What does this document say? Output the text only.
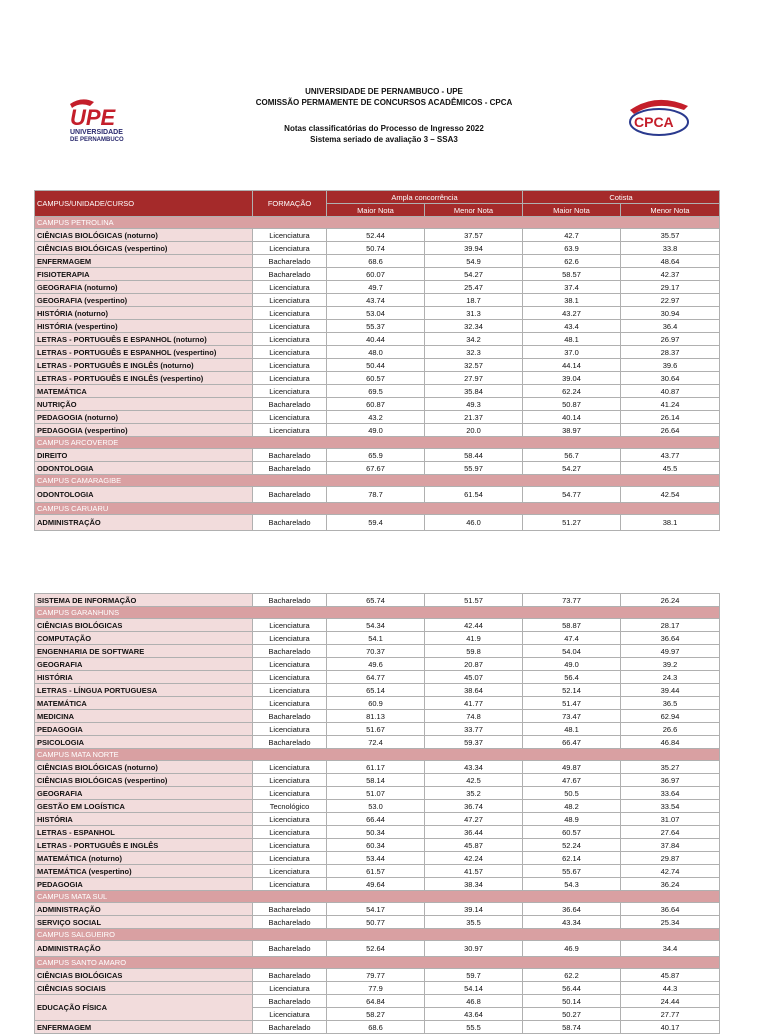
UNIVERSIDADE DE PERNAMBUCO - UPE
COMISSÃO PERMAMENTE DE CONCURSOS ACADÊMICOS - CPCA
Notas classificatórias do Processo de Ingresso 2022
Sistema seriado de avaliação 3 – SSA3
UPE
UNIVERSIDADE
DE PERNAMBUCO
CPCA
CAMPUS/UNIDADE/CURSO	FORMAÇÃO	Ampla concorrência		Cotista	
		Maior Nota	Menor Nota	Maior Nota	Menor Nota
CAMPUS PETROLINA					
CIÊNCIAS BIOLÓGICAS (noturno)	Licenciatura	52.44	37.57	42.7	35.57
CIÊNCIAS BIOLÓGICAS (vespertino)	Licenciatura	50.74	39.94	63.9	33.8
ENFERMAGEM	Bacharelado	68.6	54.9	62.6	48.64
FISIOTERAPIA	Bacharelado	60.07	54.27	58.57	42.37
GEOGRAFIA (noturno)	Licenciatura	49.7	25.47	37.4	29.17
GEOGRAFIA (vespertino)	Licenciatura	43.74	18.7	38.1	22.97
HISTÓRIA (noturno)	Licenciatura	53.04	31.3	43.27	30.94
HISTÓRIA (vespertino)	Licenciatura	55.37	32.34	43.4	36.4
LETRAS - PORTUGUÊS E ESPANHOL (noturno)	Licenciatura	40.44	34.2	48.1	26.97
LETRAS - PORTUGUÊS E ESPANHOL (vespertino)	Licenciatura	48.0	32.3	37.0	28.37
LETRAS - PORTUGUÊS E INGLÊS (noturno)	Licenciatura	50.44	32.57	44.14	39.6
LETRAS - PORTUGUÊS E INGLÊS (vespertino)	Licenciatura	60.57	27.97	39.04	30.64
MATEMÁTICA	Licenciatura	69.5	35.84	62.24	40.87
NUTRIÇÃO	Bacharelado	60.87	49.3	50.87	41.24
PEDAGOGIA (noturno)	Licenciatura	43.2	21.37	40.14	26.14
PEDAGOGIA (vespertino)	Licenciatura	49.0	20.0	38.97	26.64
CAMPUS ARCOVERDE					
DIREITO	Bacharelado	65.9	58.44	56.7	43.77
ODONTOLOGIA	Bacharelado	67.67	55.97	54.27	45.5
CAMPUS CAMARAGIBE					
ODONTOLOGIA	Bacharelado	78.7	61.54	54.77	42.54
CAMPUS CARUARU					
ADMINISTRAÇÃO	Bacharelado	59.4	46.0	51.27	38.1
SISTEMA DE INFORMAÇÃO	Bacharelado	65.74	51.57	73.77	26.24
CAMPUS GARANHUNS					
CIÊNCIAS BIOLÓGICAS	Licenciatura	54.34	42.44	58.87	28.17
COMPUTAÇÃO	Licenciatura	54.1	41.9	47.4	36.64
ENGENHARIA DE SOFTWARE	Bacharelado	70.37	59.8	54.04	49.97
GEOGRAFIA	Licenciatura	49.6	20.87	49.0	39.2
HISTÓRIA	Licenciatura	64.77	45.07	56.4	24.3
LETRAS - LÍNGUA PORTUGUESA	Licenciatura	65.14	38.64	52.14	39.44
MATEMÁTICA	Licenciatura	60.9	41.77	51.47	36.5
MEDICINA	Bacharelado	81.13	74.8	73.47	62.94
PEDAGOGIA	Licenciatura	51.67	33.77	48.1	26.6
PSICOLOGIA	Bacharelado	72.4	59.37	66.47	46.84
CAMPUS MATA NORTE					
CIÊNCIAS BIOLÓGICAS (noturno)	Licenciatura	61.17	43.34	49.87	35.27
CIÊNCIAS BIOLÓGICAS (vespertino)	Licenciatura	58.14	42.5	47.67	36.97
GEOGRAFIA	Licenciatura	51.07	35.2	50.5	33.64
GESTÃO EM LOGÍSTICA	Tecnológico	53.0	36.74	48.2	33.54
HISTÓRIA	Licenciatura	66.44	47.27	48.9	31.07
LETRAS - ESPANHOL	Licenciatura	50.34	36.44	60.57	27.64
LETRAS - PORTUGUÊS E INGLÊS	Licenciatura	60.34	45.87	52.24	37.84
MATEMÁTICA (noturno)	Licenciatura	53.44	42.24	62.14	29.87
MATEMÁTICA (vespertino)	Licenciatura	61.57	41.57	55.67	42.74
PEDAGOGIA	Licenciatura	49.64	38.34	54.3	36.24
CAMPUS MATA SUL					
ADMINISTRAÇÃO	Bacharelado	54.17	39.14	36.64	36.64
SERVIÇO SOCIAL	Bacharelado	50.77	35.5	43.34	25.34
CAMPUS SALGUEIRO					
ADMINISTRAÇÃO	Bacharelado	52.64	30.97	46.9	34.4
CAMPUS SANTO AMARO					
CIÊNCIAS BIOLÓGICAS	Bacharelado	79.77	59.7	62.2	45.87
CIÊNCIAS SOCIAIS	Licenciatura	77.9	54.14	56.44	44.3
EDUCAÇÃO FÍSICA	Bacharelado	64.84	46.8	50.14	24.44
	Licenciatura	58.27	43.64	50.27	27.77
ENFERMAGEM	Bacharelado	68.6	55.5	58.74	40.17
